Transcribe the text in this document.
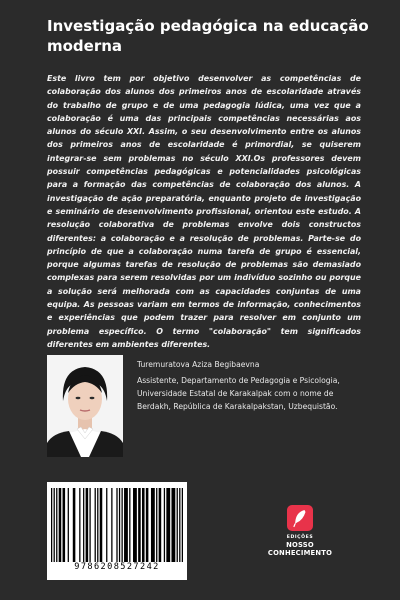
Investigação pedagógica na educação moderna

Este livro tem por objetivo desenvolver as competências de colaboração dos alunos dos primeiros anos de escolaridade através do trabalho de grupo e de uma pedagogia lúdica, uma vez que a colaboração é uma das principais competências necessárias aos alunos do século XXI. Assim, o seu desenvolvimento entre os alunos dos primeiros anos de escolaridade é primordial, se quiserem integrar-se sem problemas no século XXI.Os professores devem possuir competências pedagógicas e potencialidades psicológicas para a formação das competências de colaboração dos alunos. A investigação de ação preparatória, enquanto projeto de investigação e seminário de desenvolvimento profissional, orientou este estudo. A resolução colaborativa de problemas envolve dois constructos diferentes: a colaboração e a resolução de problemas. Parte-se do princípio de que a colaboração numa tarefa de grupo é essencial, porque algumas tarefas de resolução de problemas são demasiado complexas para serem resolvidas por um indivíduo sozinho ou porque a solução será melhorada com as capacidades conjuntas de uma equipa. As pessoas variam em termos de informação, conhecimentos e experiências que podem trazer para resolver em conjunto um problema específico. O termo "colaboração" tem significados diferentes em ambientes diferentes.

Turemuratova Aziza Begibaevna
Assistente, Departamento de Pedagogia e Psicologia, Universidade Estatal de Karakalpak com o nome de Berdakh, República de Karakalpakstan, Uzbequistão.
9786208527242
EDIÇÕES
NOSSO CONHECIMENTO
